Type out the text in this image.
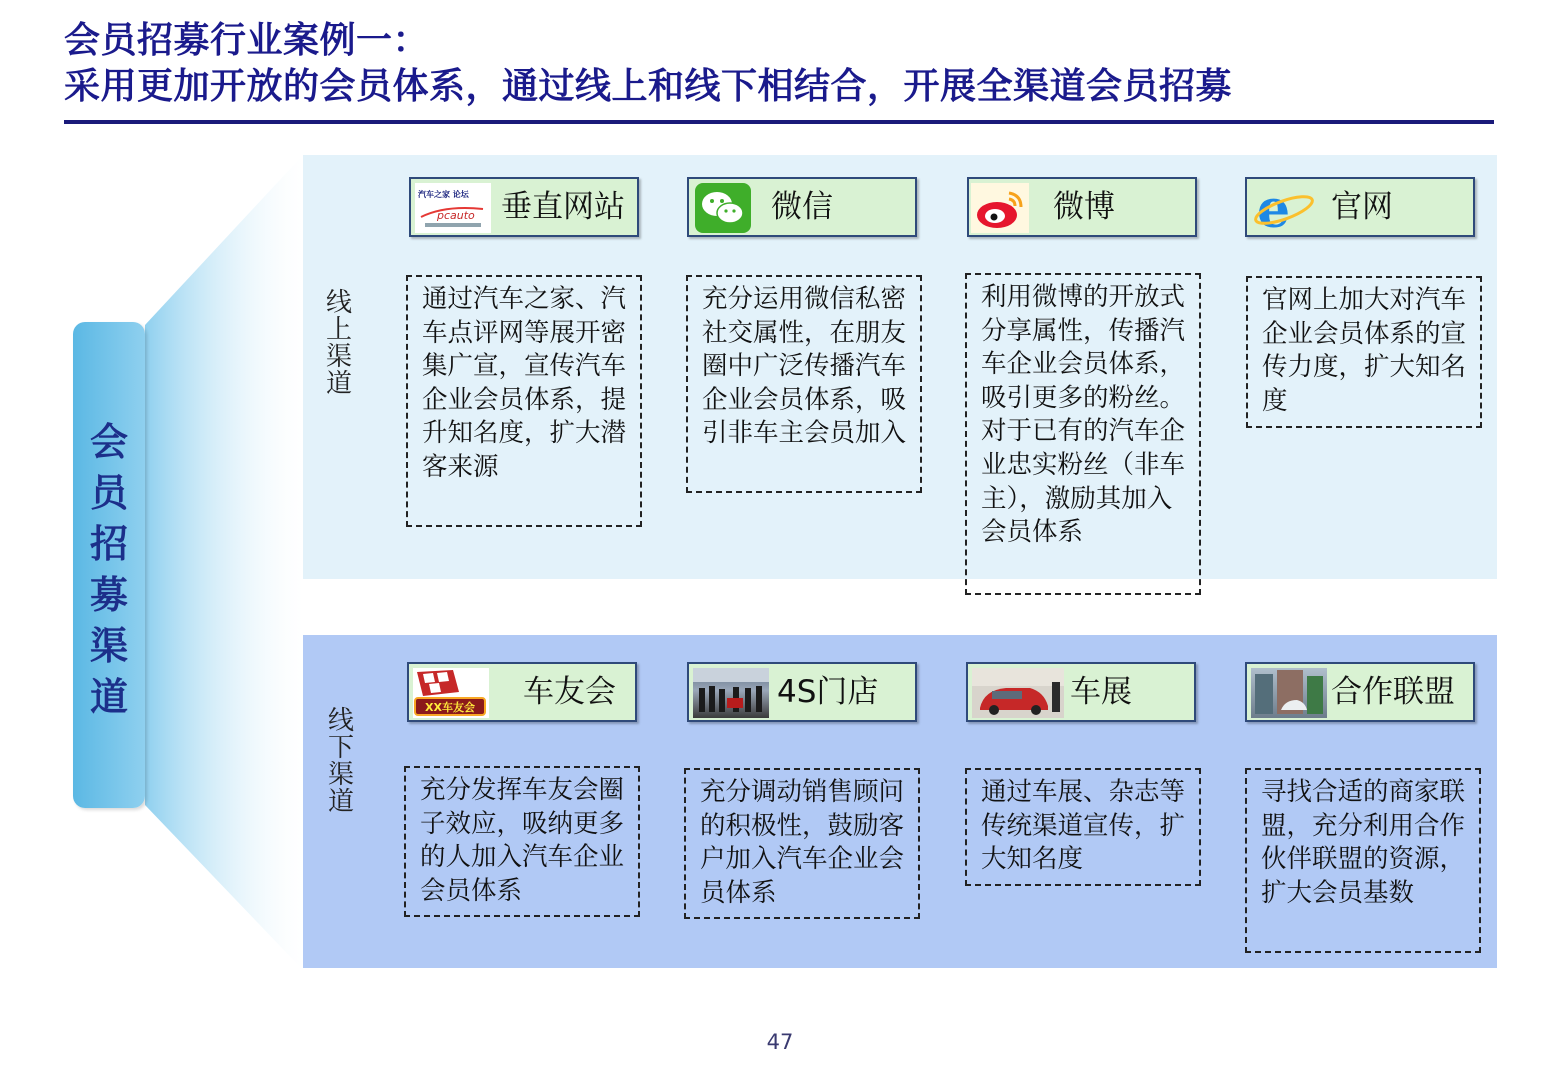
会员招募行业案例一：
采用更加开放的会员体系，通过线上和线下相结合，开展全渠道会员招募
会
员
招
募
渠
道
线
上
渠
道
汽车之家 论坛
pcauto 垂直网站	微信	微博	e 官网
通过汽车之家、汽车点评网等展开密集广宣，宣传汽车企业会员体系，提升知名度，扩大潜客来源
充分运用微信私密社交属性，在朋友圈中广泛传播汽车企业会员体系，吸引非车主会员加入
利用微博的开放式分享属性，传播汽车企业会员体系，吸引更多的粉丝。对于已有的汽车企业忠实粉丝（非车主），激励其加入会员体系
官网上加大对汽车企业会员体系的宣传力度，扩大知名度
线
下
渠
道
XX车友会 车友会	4S门店	车展	合作联盟
充分发挥车友会圈子效应，吸纳更多的人加入汽车企业会员体系
充分调动销售顾问的积极性，鼓励客户加入汽车企业会员体系
通过车展、杂志等传统渠道宣传，扩大知名度
寻找合适的商家联盟，充分利用合作伙伴联盟的资源，扩大会员基数
47
